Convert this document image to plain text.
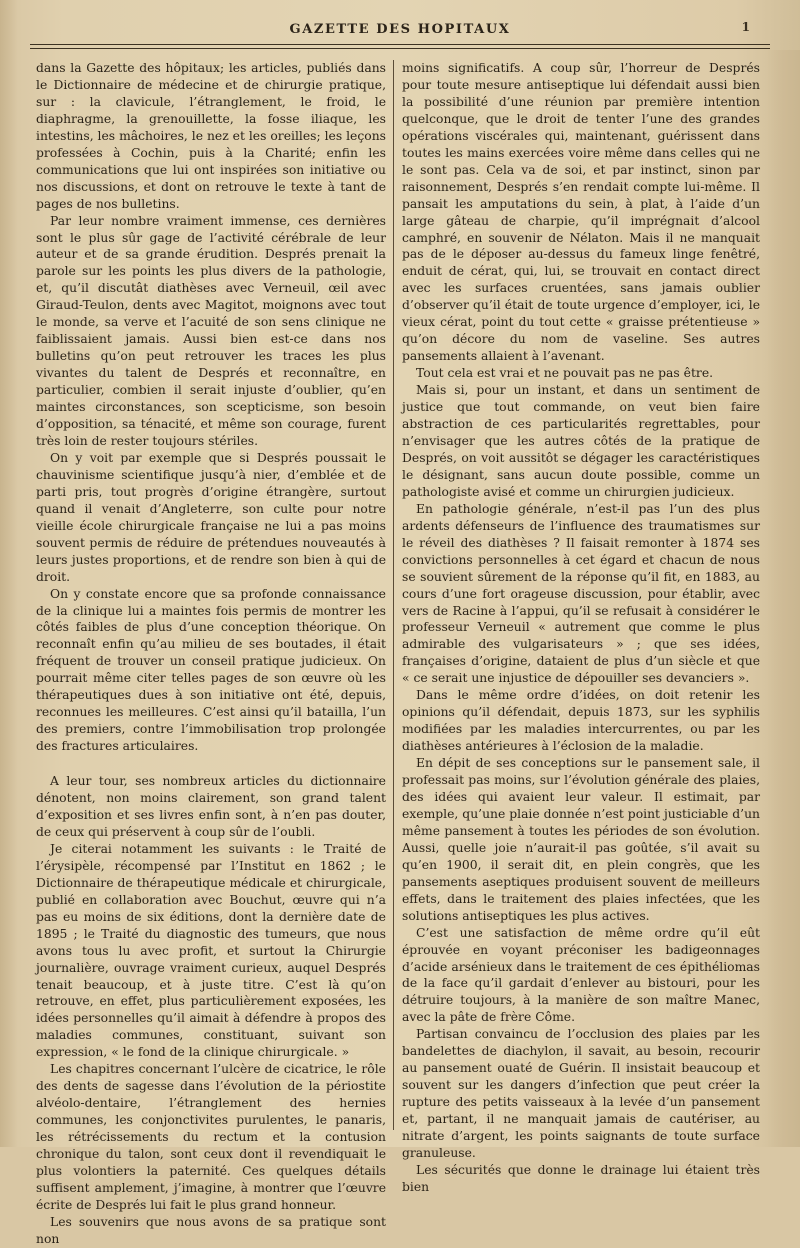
GAZETTE DES HOPITAUX	1

dans la Gazette des hôpitaux; les articles, publiés dans le Dictionnaire de médecine et de chirurgie pratique, sur : la clavicule, l’étranglement, le froid, le diaphragme, la grenouillette, la fosse iliaque, les intestins, les mâchoires, le nez et les oreilles; les leçons professées à Cochin, puis à la Charité; enfin les communications que lui ont inspirées son initiative ou nos discussions, et dont on retrouve le texte à tant de pages de nos bulletins.

Par leur nombre vraiment immense, ces dernières sont le plus sûr gage de l’activité cérébrale de leur auteur et de sa grande érudition. Després prenait la parole sur les points les plus divers de la pathologie, et, qu’il discutât diathèses avec Verneuil, œil avec Giraud-Teulon, dents avec Magitot, moignons avec tout le monde, sa verve et l’acuité de son sens clinique ne faiblissaient jamais. Aussi bien est-ce dans nos bulletins qu’on peut retrouver les traces les plus vivantes du talent de Després et reconnaître, en particulier, combien il serait injuste d’oublier, qu’en maintes circonstances, son scepticisme, son besoin d’opposition, sa ténacité, et même son courage, furent très loin de rester toujours stériles.

On y voit par exemple que si Després poussait le chauvinisme scientifique jusqu’à nier, d’emblée et de parti pris, tout progrès d’origine étrangère, surtout quand il venait d’Angleterre, son culte pour notre vieille école chirurgicale française ne lui a pas moins souvent permis de réduire de prétendues nouveautés à leurs justes proportions, et de rendre son bien à qui de droit.

On y constate encore que sa profonde connaissance de la clinique lui a maintes fois permis de montrer les côtés faibles de plus d’une conception théorique. On reconnaît enfin qu’au milieu de ses boutades, il était fréquent de trouver un conseil pratique judicieux. On pourrait même citer telles pages de son œuvre où les thérapeutiques dues à son initiative ont été, depuis, reconnues les meilleures. C’est ainsi qu’il batailla, l’un des premiers, contre l’immobilisation trop prolongée des fractures articulaires.

A leur tour, ses nombreux articles du dictionnaire dénotent, non moins clairement, son grand talent d’exposition et ses livres enfin sont, à n’en pas douter, de ceux qui préservent à coup sûr de l’oubli.

Je citerai notamment les suivants : le Traité de l’érysipèle, récompensé par l’Institut en 1862 ; le Dictionnaire de thérapeutique médicale et chirurgicale, publié en collaboration avec Bouchut, œuvre qui n’a pas eu moins de six éditions, dont la dernière date de 1895 ; le Traité du diagnostic des tumeurs, que nous avons tous lu avec profit, et surtout la Chirurgie journalière, ouvrage vraiment curieux, auquel Després tenait beaucoup, et à juste titre. C’est là qu’on retrouve, en effet, plus particulièrement exposées, les idées personnelles qu’il aimait à défendre à propos des maladies communes, constituant, suivant son expression, « le fond de la clinique chirurgicale. »

Les chapitres concernant l’ulcère de cicatrice, le rôle des dents de sagesse dans l’évolution de la périostite alvéolo-dentaire, l’étranglement des hernies communes, les conjonctivites purulentes, le panaris, les rétrécissements du rectum et la contusion chronique du talon, sont ceux dont il revendiquait le plus volontiers la paternité. Ces quelques détails suffisent amplement, j’imagine, à montrer que l’œuvre écrite de Després lui fait le plus grand honneur.

Les souvenirs que nous avons de sa pratique sont non

moins significatifs. A coup sûr, l’horreur de Després pour toute mesure antiseptique lui défendait aussi bien la possibilité d’une réunion par première intention quelconque, que le droit de tenter l’une des grandes opérations viscérales qui, maintenant, guérissent dans toutes les mains exercées voire même dans celles qui ne le sont pas. Cela va de soi, et par instinct, sinon par raisonnement, Després s’en rendait compte lui-même. Il pansait les amputations du sein, à plat, à l’aide d’un large gâteau de charpie, qu’il imprégnait d’alcool camphré, en souvenir de Nélaton. Mais il ne manquait pas de le déposer au-dessus du fameux linge fenêtré, enduit de cérat, qui, lui, se trouvait en contact direct avec les surfaces cruentées, sans jamais oublier d’observer qu’il était de toute urgence d’employer, ici, le vieux cérat, point du tout cette « graisse prétentieuse » qu’on décore du nom de vaseline. Ses autres pansements allaient à l’avenant.

Tout cela est vrai et ne pouvait pas ne pas être.

Mais si, pour un instant, et dans un sentiment de justice que tout commande, on veut bien faire abstraction de ces particularités regrettables, pour n’envisager que les autres côtés de la pratique de Després, on voit aussitôt se dégager les caractéristiques le désignant, sans aucun doute possible, comme un pathologiste avisé et comme un chirurgien judicieux.

En pathologie générale, n’est-il pas l’un des plus ardents défenseurs de l’influence des traumatismes sur le réveil des diathèses ? Il faisait remonter à 1874 ses convictions personnelles à cet égard et chacun de nous se souvient sûrement de la réponse qu’il fit, en 1883, au cours d’une fort orageuse discussion, pour établir, avec vers de Racine à l’appui, qu’il se refusait à considérer le professeur Verneuil « autrement que comme le plus admirable des vulgarisateurs » ; que ses idées, françaises d’origine, dataient de plus d’un siècle et que « ce serait une injustice de dépouiller ses devanciers ».

Dans le même ordre d’idées, on doit retenir les opinions qu’il défendait, depuis 1873, sur les syphilis modifiées par les maladies intercurrentes, ou par les diathèses antérieures à l’éclosion de la maladie.

En dépit de ses conceptions sur le pansement sale, il professait pas moins, sur l’évolution générale des plaies, des idées qui avaient leur valeur. Il estimait, par exemple, qu’une plaie donnée n’est point justiciable d’un même pansement à toutes les périodes de son évolution. Aussi, quelle joie n’aurait-il pas goûtée, s’il avait su qu’en 1900, il serait dit, en plein congrès, que les pansements aseptiques produisent souvent de meilleurs effets, dans le traitement des plaies infectées, que les solutions antiseptiques les plus actives.

C’est une satisfaction de même ordre qu’il eût éprouvée en voyant préconiser les badigeonnages d’acide arsénieux dans le traitement de ces épithéliomas de la face qu’il gardait d’enlever au bistouri, pour les détruire toujours, à la manière de son maître Manec, avec la pâte de frère Côme.

Partisan convaincu de l’occlusion des plaies par les bandelettes de diachylon, il savait, au besoin, recourir au pansement ouaté de Guérin. Il insistait beaucoup et souvent sur les dangers d’infection que peut créer la rupture des petits vaisseaux à la levée d’un pansement et, partant, il ne manquait jamais de cautériser, au nitrate d’argent, les points saignants de toute surface granuleuse.

Les sécurités que donne le drainage lui étaient très bien
